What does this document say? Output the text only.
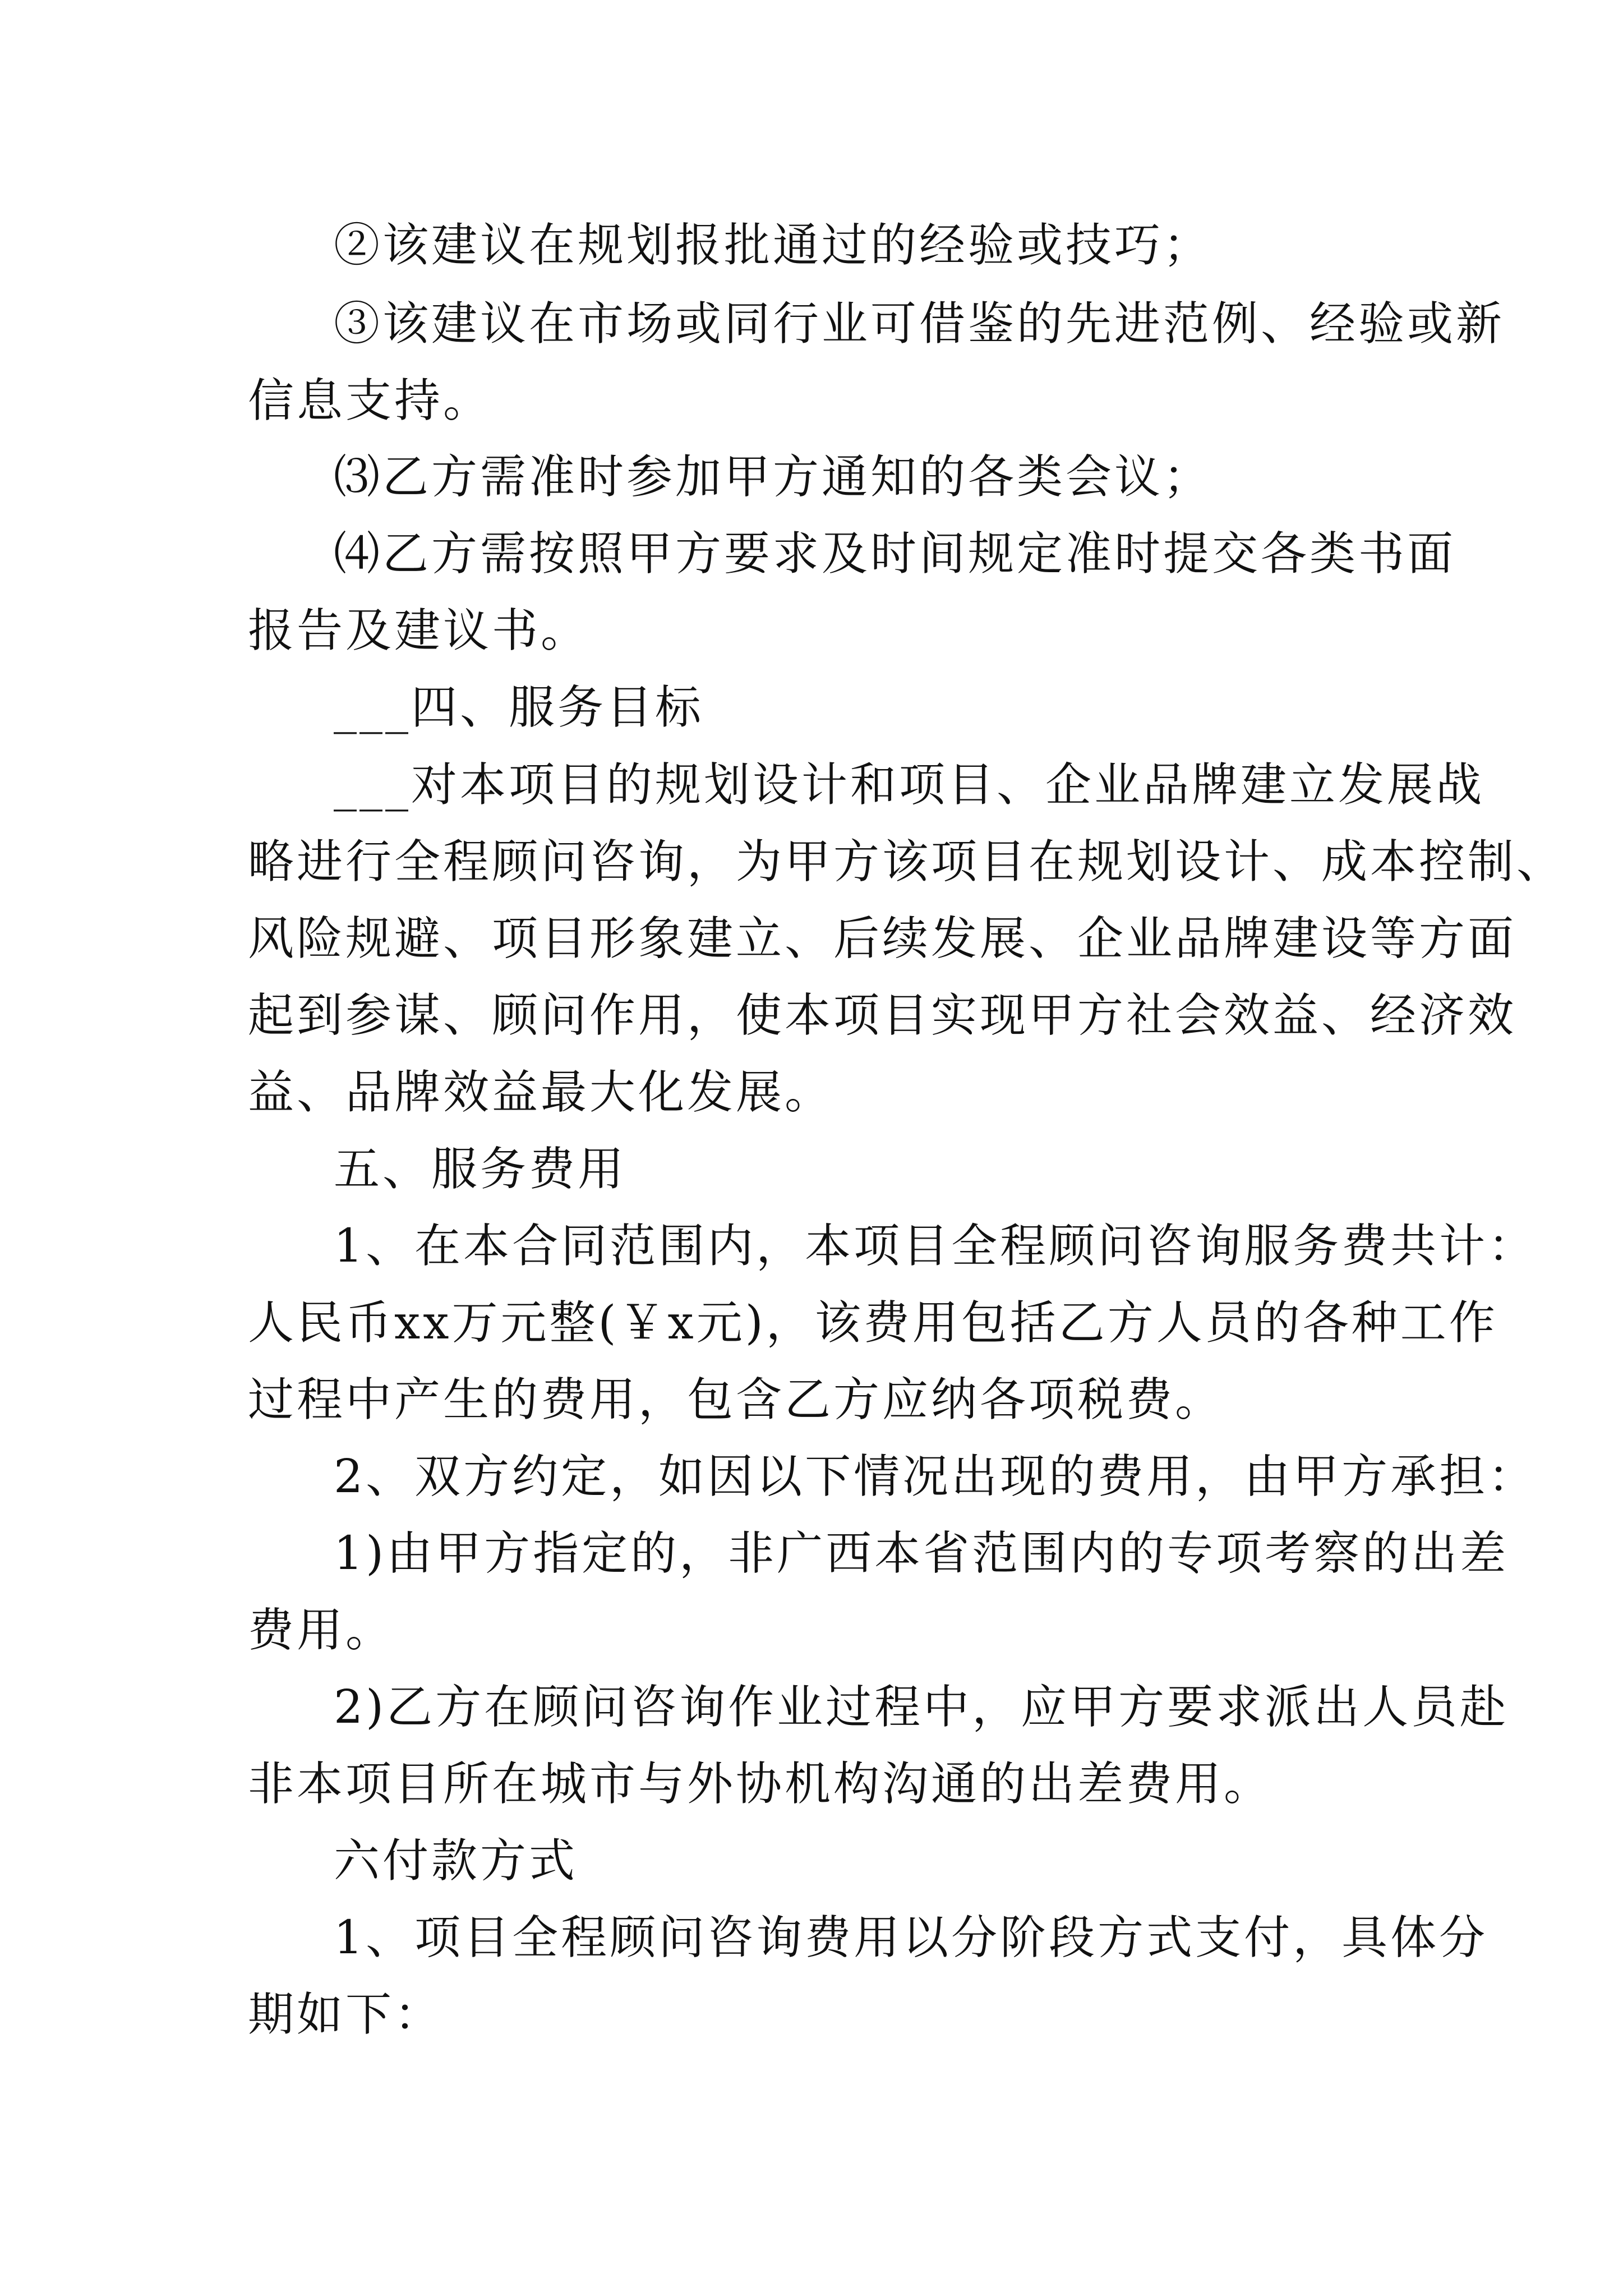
②该建议在规划报批通过的经验或技巧；

③该建议在市场或同行业可借鉴的先进范例、经验或新

信息支持。

⑶乙方需准时参加甲方通知的各类会议；

⑷乙方需按照甲方要求及时间规定准时提交各类书面

报告及建议书。

___四、服务目标

___对本项目的规划设计和项目、企业品牌建立发展战

略进行全程顾问咨询，为甲方该项目在规划设计、成本控制、

风险规避、项目形象建立、后续发展、企业品牌建设等方面

起到参谋、顾问作用，使本项目实现甲方社会效益、经济效

益、品牌效益最大化发展。

五、服务费用

1、在本合同范围内，本项目全程顾问咨询服务费共计：

人民币xx万元整(￥x元)，该费用包括乙方人员的各种工作

过程中产生的费用，包含乙方应纳各项税费。

2、双方约定，如因以下情况出现的费用，由甲方承担：

1)由甲方指定的，非广西本省范围内的专项考察的出差

费用。

2)乙方在顾问咨询作业过程中，应甲方要求派出人员赴

非本项目所在城市与外协机构沟通的出差费用。

六付款方式

1、项目全程顾问咨询费用以分阶段方式支付，具体分

期如下：
